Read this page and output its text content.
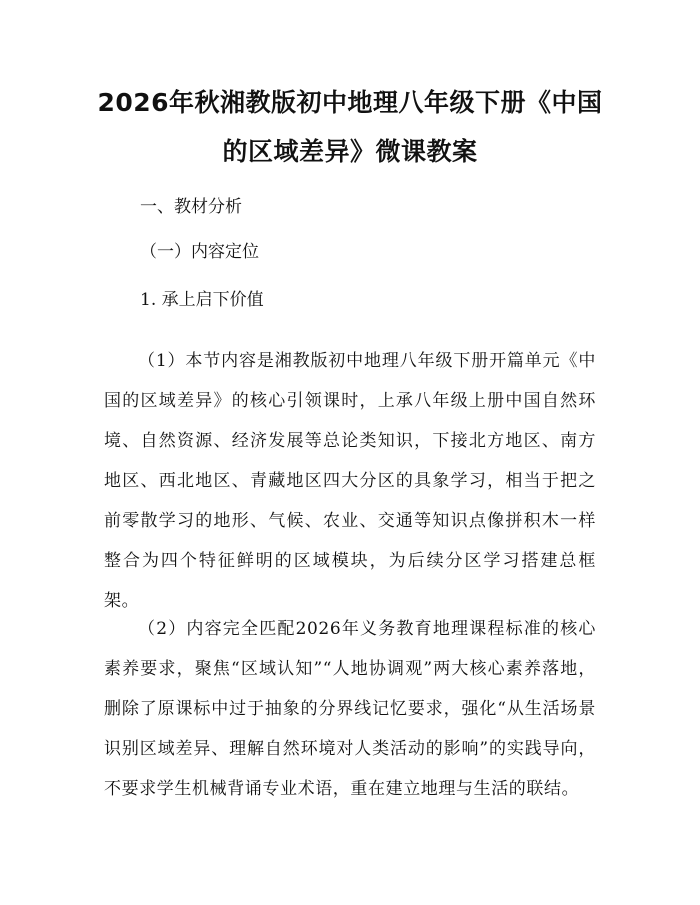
2026年秋湘教版初中地理八年级下册《中国
的区域差异》微课教案
一、教材分析
（一）内容定位
1. 承上启下价值

（1）本节内容是湘教版初中地理八年级下册开篇单元《中国的区域差异》的核心引领课时，上承八年级上册中国自然环境、自然资源、经济发展等总论类知识，下接北方地区、南方地区、西北地区、青藏地区四大分区的具象学习，相当于把之前零散学习的地形、气候、农业、交通等知识点像拼积木一样整合为四个特征鲜明的区域模块，为后续分区学习搭建总框架。

（2）内容完全匹配2026年义务教育地理课程标准的核心素养要求，聚焦“区域认知”“人地协调观”两大核心素养落地，删除了原课标中过于抽象的分界线记忆要求，强化“从生活场景识别区域差异、理解自然环境对人类活动的影响”的实践导向，不要求学生机械背诵专业术语，重在建立地理与生活的联结。
